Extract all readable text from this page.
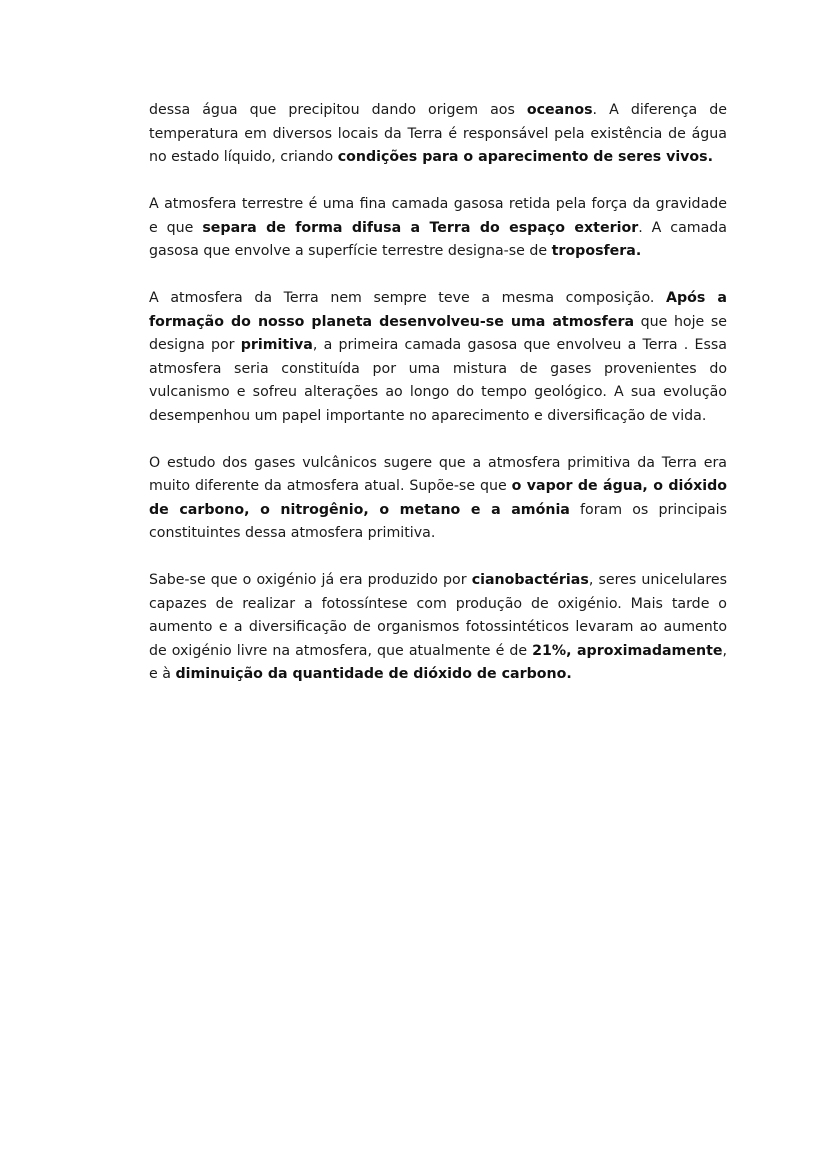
dessa água que precipitou dando origem aos oceanos. A diferença de temperatura em diversos locais da Terra é responsável pela existência de água no estado líquido, criando condições para o aparecimento de seres vivos.

A atmosfera terrestre é uma fina camada gasosa retida pela força da gravidade e que separa de forma difusa a Terra do espaço exterior. A camada gasosa que envolve a superfície terrestre designa-se de troposfera.

A atmosfera da Terra nem sempre teve a mesma composição. Após a formação do nosso planeta desenvolveu-se uma atmosfera que hoje se designa por primitiva, a primeira camada gasosa que envolveu a Terra . Essa atmosfera seria constituída por uma mistura de gases provenientes do vulcanismo e sofreu alterações ao longo do tempo geológico. A sua evolução desempenhou um papel importante no aparecimento e diversificação de vida.

O estudo dos gases vulcânicos sugere que a atmosfera primitiva da Terra era muito diferente da atmosfera atual. Supõe-se que o vapor de água, o dióxido de carbono, o nitrogênio, o metano e a amónia foram os principais constituintes dessa atmosfera primitiva.

Sabe-se que o oxigénio já era produzido por cianobactérias, seres unicelulares capazes de realizar a fotossíntese com produção de oxigénio. Mais tarde o aumento e a diversificação de organismos fotossintéticos levaram ao aumento de oxigénio livre na atmosfera, que atualmente é de 21%, aproximadamente, e à diminuição da quantidade de dióxido de carbono.
